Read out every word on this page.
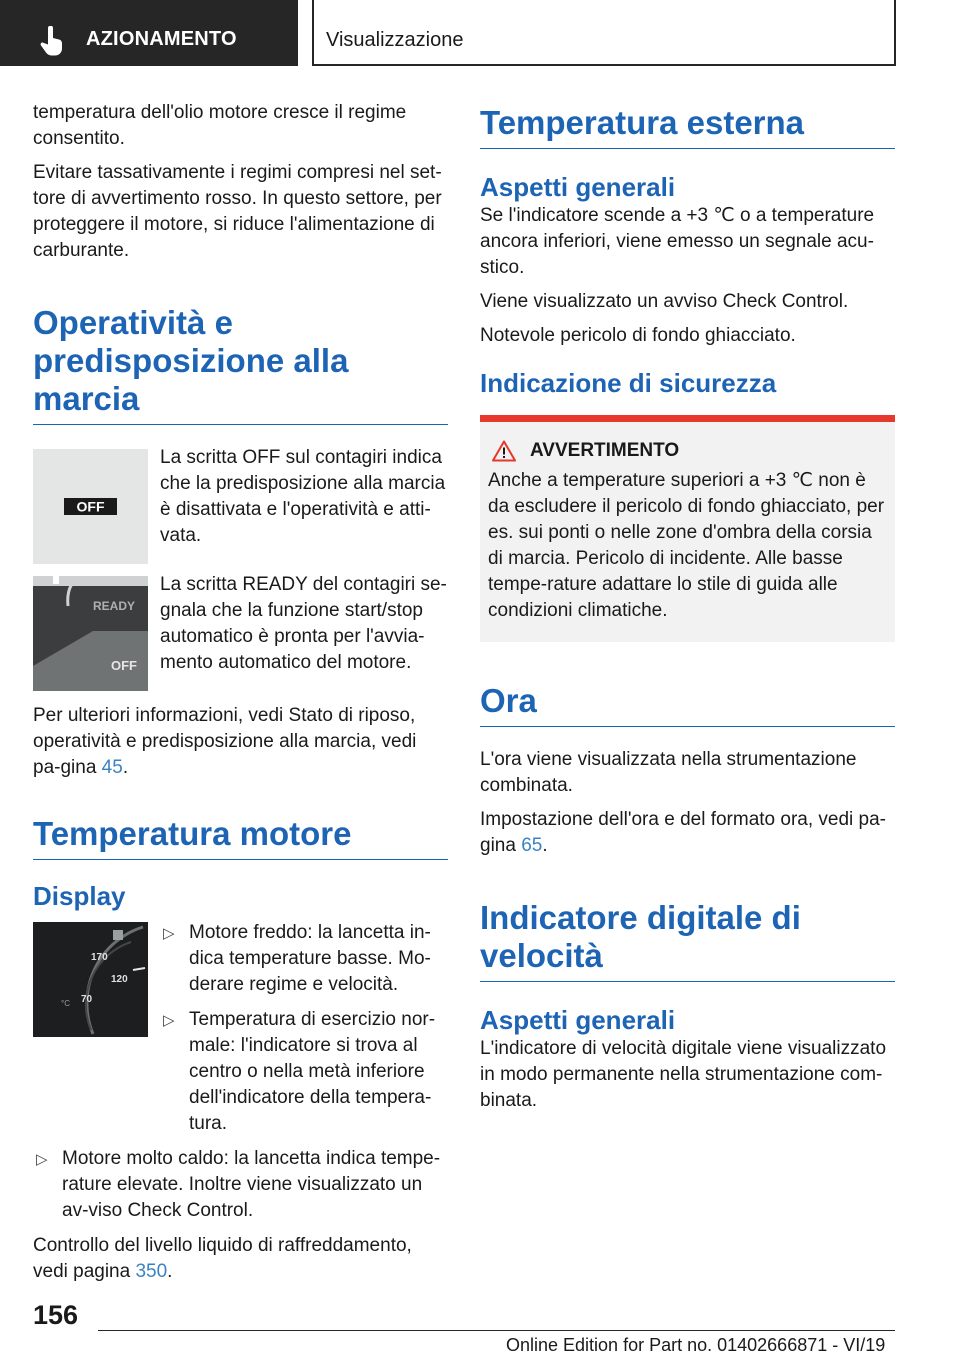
AZIONAMENTO	Visualizzazione

temperatura dell'olio motore cresce il regime consentito.

Evitare tassativamente i regimi compresi nel set-tore di avvertimento rosso. In questo settore, per proteggere il motore, si riduce l'alimentazione di carburante.

Operatività e predisposizione alla marcia
OFF

La scritta OFF sul contagiri indica che la predisposizione alla marcia è disattivata e l'operatività e atti-vata.

READY
OFF

La scritta READY del contagiri se-gnala che la funzione start/stop automatico è pronta per l'avvia-mento automatico del motore.

Per ulteriori informazioni, vedi Stato di riposo, operatività e predisposizione alla marcia, vedi pa-gina 45.

Temperatura motore
Display
170
120
70
°C
▷ Motore freddo: la lancetta in-dica temperature basse. Mo-derare regime e velocità.
▷ Temperatura di esercizio nor-male: l'indicatore si trova al centro o nella metà inferiore dell'indicatore della tempera-tura.
▷ Motore molto caldo: la lancetta indica tempe-rature elevate. Inoltre viene visualizzato un av-viso Check Control.

Controllo del livello liquido di raffreddamento, vedi pagina 350.

Temperatura esterna
Aspetti generali

Se l'indicatore scende a +3 ℃ o a temperature ancora inferiori, viene emesso un segnale acu-stico.

Viene visualizzato un avviso Check Control.

Notevole pericolo di fondo ghiacciato.

Indicazione di sicurezza
AVVERTIMENTO

Anche a temperature superiori a +3 ℃ non è da escludere il pericolo di fondo ghiacciato, per es. sui ponti o nelle zone d'ombra della corsia di marcia. Pericolo di incidente. Alle basse tempe-rature adattare lo stile di guida alle condizioni climatiche.

Ora

L'ora viene visualizzata nella strumentazione combinata.

Impostazione dell'ora e del formato ora, vedi pa-gina 65.

Indicatore digitale di velocità
Aspetti generali

L'indicatore di velocità digitale viene visualizzato in modo permanente nella strumentazione com-binata.

156
Online Edition for Part no. 01402666871 - VI/19
